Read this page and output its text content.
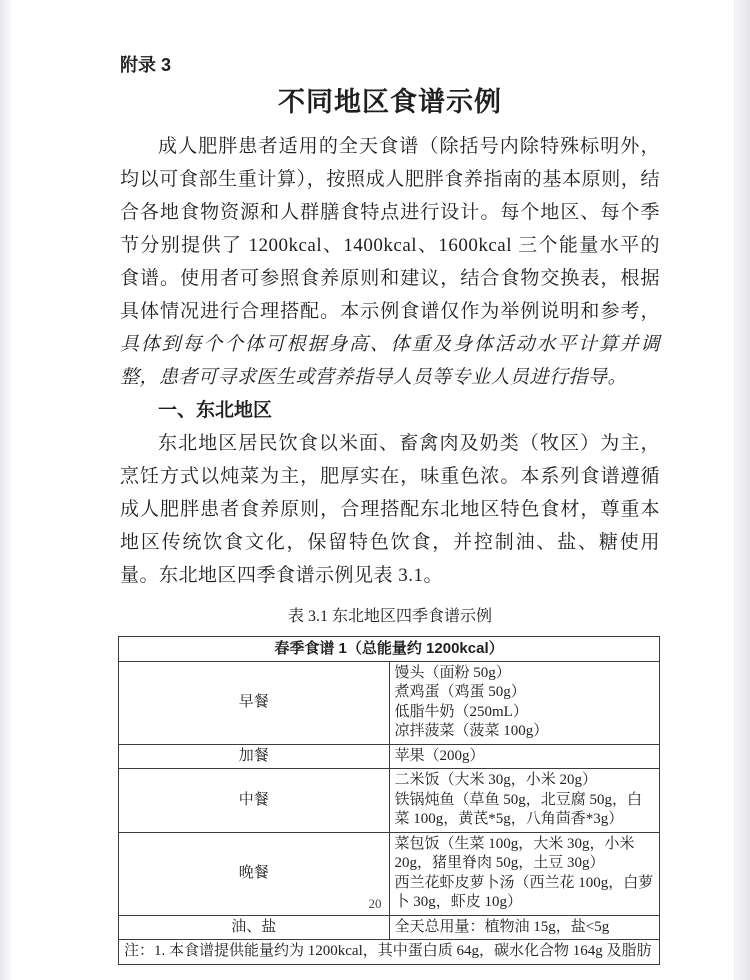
附录 3
不同地区食谱示例

成人肥胖患者适用的全天食谱（除括号内除特殊标明外，均以可食部生重计算），按照成人肥胖食养指南的基本原则，结合各地食物资源和人群膳食特点进行设计。每个地区、每个季节分别提供了 1200kcal、1400kcal、1600kcal 三个能量水平的食谱。使用者可参照食养原则和建议，结合食物交换表，根据具体情况进行合理搭配。本示例食谱仅作为举例说明和参考，具体到每个个体可根据身高、体重及身体活动水平计算并调整，患者可寻求医生或营养指导人员等专业人员进行指导。

一、东北地区

东北地区居民饮食以米面、畜禽肉及奶类（牧区）为主，烹饪方式以炖菜为主，肥厚实在，味重色浓。本系列食谱遵循成人肥胖患者食养原则，合理搭配东北地区特色食材，尊重本地区传统饮食文化，保留特色饮食，并控制油、盐、糖使用量。东北地区四季食谱示例见表 3.1。

表 3.1 东北地区四季食谱示例
春季食谱 1（总能量约 1200kcal）	
早餐	馒头（面粉 50g）
煮鸡蛋（鸡蛋 50g）
低脂牛奶（250mL）
凉拌菠菜（菠菜 100g）

加餐	苹果（200g）

中餐	二米饭（大米 30g，小米 20g）
铁锅炖鱼（草鱼 50g，北豆腐 50g，白菜 100g，黄芪*5g，八角茴香*3g）

晚餐	菜包饭（生菜 100g，大米 30g，小米 20g，猪里脊肉 50g，土豆 30g）
西兰花虾皮萝卜汤（西兰花 100g，白萝卜 30g，虾皮 10g）

油、盐	全天总用量：植物油 15g，盐<5g

注：1. 本食谱提供能量约为 1200kcal，其中蛋白质 64g，碳水化合物 164g 及脂肪	
20
